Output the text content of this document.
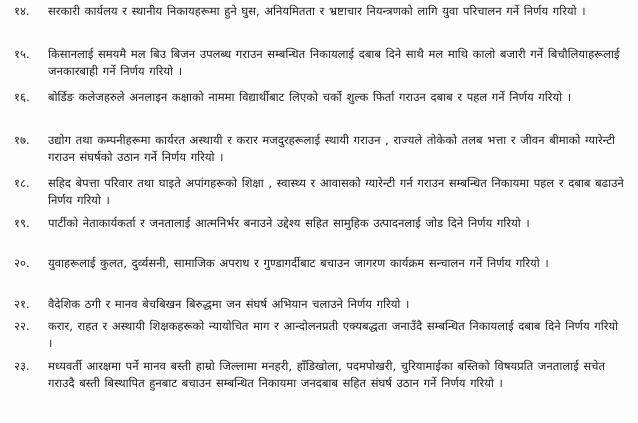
१४.	सरकारी कार्यलय र स्थानीय निकायहरूमा हुने घुस, अनियमितता र भ्रष्टाचार नियन्त्रणको लागि युवा परिचालन गर्ने निर्णय गरियो ।
१५.	किसानलाई समयमै मल बिउ बिजन उपलब्ध गराउन सम्बन्धित निकायलाई दबाब दिने साथै मल माथि कालो बजारी गर्ने बिचौलियाहरूलाई जनकारबाही गर्ने निर्णय गरियो ।
१६.	बोर्डिङ कलेजहरुले अनलाइन कक्षाको नाममा विद्यार्थीबाट लिएको चर्को शुल्क फिर्ता गराउन दबाब र पहल गर्ने निर्णय गरियो ।
१७.	उद्योग तथा कम्पनीहरूमा कार्यरत अस्थायी र करार मजदुरहरूलाई स्थायी गराउन , राज्यले तोकेको तलब भत्ता र जीवन बीमाको ग्यारेन्टी गराउन संघर्षको उठान गर्ने निर्णय गरियो ।
१८.	सहिद बेपत्ता परिवार तथा घाइते अपांगहरूको शिक्षा , स्वास्थ्य र आवासको ग्यारेन्टी गर्न गराउन सम्बन्धित निकायमा पहल र दबाब बढाउने निर्णय गरियो ।
१९.	पार्टीको नेताकार्यकर्ता र जनतालाई आत्मनिर्भर बनाउने उद्देश्य सहित सामुहिक उत्पादनलाई जोड दिने निर्णय गरियो ।
२०.	युवाहरूलाई कुलत, दुर्व्यसनी, सामाजिक अपराध र गुण्डागर्दीबाट बचाउन जागरण कार्यक्रम सन्चालन गर्ने निर्णय गरियो ।
२१.	वैदेशिक ठगी र मानव बेचबिखन बिरुद्धमा जन संघर्ष अभियान चलाउने निर्णय गरियो ।
२२.	करार, राहत र अस्थायी शिक्षकहरूको न्यायोचित माग र आन्दोलनप्रती एक्यबद्धता जनाउँदै सम्बन्धित निकायलाई दबाब दिने निर्णय गरियो ।
२३.	मध्यवर्ती आरक्षमा पर्ने मानव बस्ती हाम्रो जिल्लामा मनहरी, हाँडिखोला, पदमपोखरी, चुरियामाईका बस्तिको विषयप्रति जनतालाई सचेत गराउदै बस्ती बिस्थापित हुनबाट बचाउन सम्बन्धित निकायमा जनदबाब सहित संघर्ष उठान गर्ने निर्णय गरियो ।
